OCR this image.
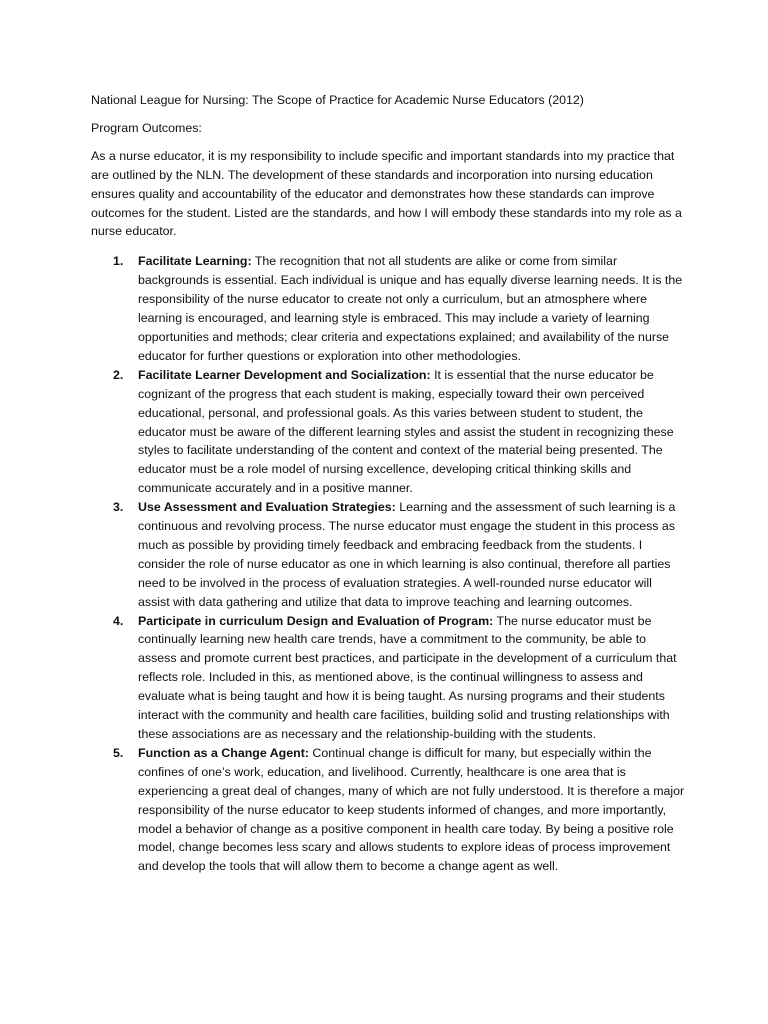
National League for Nursing: The Scope of Practice for Academic Nurse Educators (2012)

Program Outcomes:

As a nurse educator, it is my responsibility to include specific and important standards into my practice that are outlined by the NLN. The development of these standards and incorporation into nursing education ensures quality and accountability of the educator and demonstrates how these standards can improve outcomes for the student. Listed are the standards, and how I will embody these standards into my role as a nurse educator.

1. Facilitate Learning: The recognition that not all students are alike or come from similar backgrounds is essential. Each individual is unique and has equally diverse learning needs. It is the responsibility of the nurse educator to create not only a curriculum, but an atmosphere where learning is encouraged, and learning style is embraced. This may include a variety of learning opportunities and methods; clear criteria and expectations explained; and availability of the nurse educator for further questions or exploration into other methodologies.
2. Facilitate Learner Development and Socialization: It is essential that the nurse educator be cognizant of the progress that each student is making, especially toward their own perceived educational, personal, and professional goals. As this varies between student to student, the educator must be aware of the different learning styles and assist the student in recognizing these styles to facilitate understanding of the content and context of the material being presented. The educator must be a role model of nursing excellence, developing critical thinking skills and communicate accurately and in a positive manner.
3. Use Assessment and Evaluation Strategies: Learning and the assessment of such learning is a continuous and revolving process. The nurse educator must engage the student in this process as much as possible by providing timely feedback and embracing feedback from the students. I consider the role of nurse educator as one in which learning is also continual, therefore all parties need to be involved in the process of evaluation strategies. A well-rounded nurse educator will assist with data gathering and utilize that data to improve teaching and learning outcomes.
4. Participate in curriculum Design and Evaluation of Program: The nurse educator must be continually learning new health care trends, have a commitment to the community, be able to assess and promote current best practices, and participate in the development of a curriculum that reflects role. Included in this, as mentioned above, is the continual willingness to assess and evaluate what is being taught and how it is being taught. As nursing programs and their students interact with the community and health care facilities, building solid and trusting relationships with these associations are as necessary and the relationship-building with the students.
5. Function as a Change Agent: Continual change is difficult for many, but especially within the confines of one’s work, education, and livelihood. Currently, healthcare is one area that is experiencing a great deal of changes, many of which are not fully understood. It is therefore a major responsibility of the nurse educator to keep students informed of changes, and more importantly, model a behavior of change as a positive component in health care today. By being a positive role model, change becomes less scary and allows students to explore ideas of process improvement and develop the tools that will allow them to become a change agent as well.
